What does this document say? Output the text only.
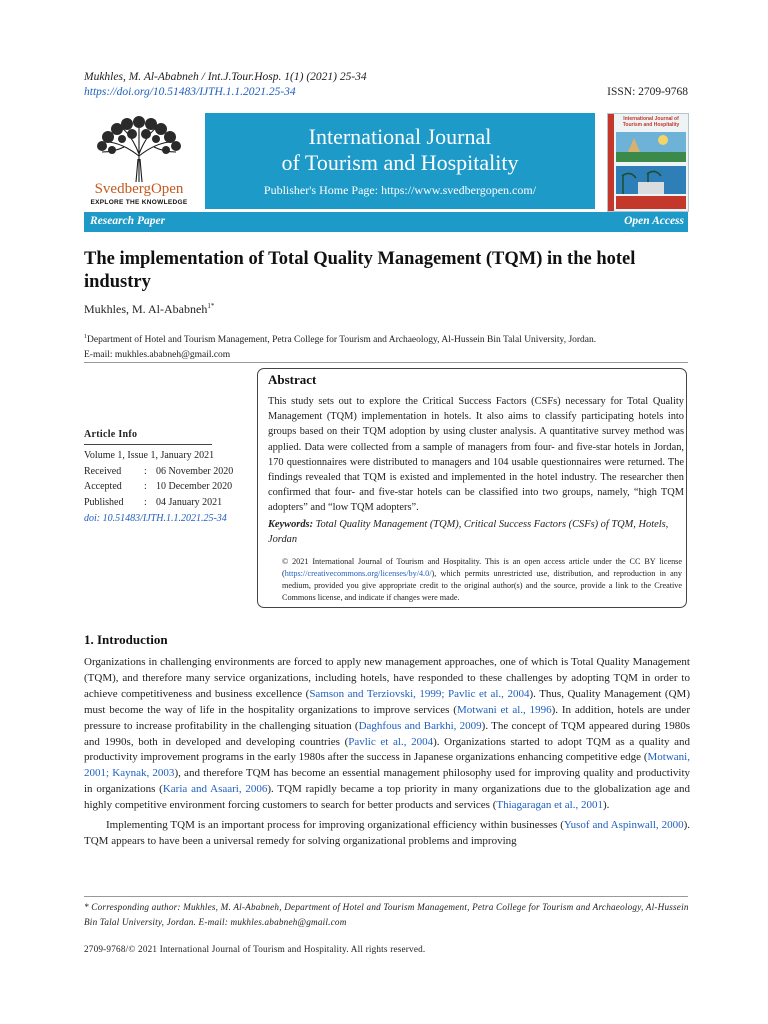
Mukhles, M. Al-Ababneh / Int.J.Tour.Hosp. 1(1) (2021) 25-34
https://doi.org/10.51483/IJTH.1.1.2021.25-34	ISSN: 2709-9768
SvedbergOpen
EXPLORE THE KNOWLEDGE
International Journal
of Tourism and Hospitality
Publisher's Home Page: https://www.svedbergopen.com/
International Journal of Tourism and Hospitality
Research Paper	Open Access
The implementation of Total Quality Management (TQM) in the hotel industry
Mukhles, M. Al-Ababneh$^{1*}$
$^1$Department of Hotel and Tourism Management, Petra College for Tourism and Archaeology, Al-Hussein Bin Talal University, Jordan.
E-mail: mukhles.ababneh@gmail.com
Article Info
Volume 1, Issue 1, January 2021
Received : 06 November 2020
Accepted : 10 December 2020
Published : 04 January 2021
doi: 10.51483/IJTH.1.1.2021.25-34
Abstract
This study sets out to explore the Critical Success Factors (CSFs) necessary for Total Quality Management (TQM) implementation in hotels. It also aims to classify participating hotels into groups based on their TQM adoption by using cluster analysis. A quantitative survey method was applied. Data were collected from a sample of managers from four- and five-star hotels in Jordan, 170 questionnaires were distributed to managers and 104 usable questionnaires were returned. The findings revealed that TQM is existed and implemented in the hotel industry. The researcher then confirmed that four- and five-star hotels can be classified into two groups, namely, “high TQM adopters” and “low TQM adopters”.
Keywords: Total Quality Management (TQM), Critical Success Factors (CSFs) of TQM, Hotels, Jordan
© 2021 International Journal of Tourism and Hospitality. This is an open access article under the CC BY license (https://creativecommons.org/licenses/by/4.0/), which permits unrestricted use, distribution, and reproduction in any medium, provided you give appropriate credit to the original author(s) and the source, provide a link to the Creative Commons license, and indicate if changes were made.
1. Introduction

Organizations in challenging environments are forced to apply new management approaches, one of which is Total Quality Management (TQM), and therefore many service organizations, including hotels, have responded to these challenges by adopting TQM in order to achieve competitiveness and business excellence (Samson and Terziovski, 1999; Pavlic et al., 2004). Thus, Quality Management (QM) must become the way of life in the hospitality organizations to improve services (Motwani et al., 1996). In addition, hotels are under pressure to increase profitability in the challenging situation (Daghfous and Barkhi, 2009). The concept of TQM appeared during 1980s and 1990s, both in developed and developing countries (Pavlic et al., 2004). Organizations started to adopt TQM as a quality and productivity improvement programs in the early 1980s after the success in Japanese organizations enhancing competitive edge (Motwani, 2001; Kaynak, 2003), and therefore TQM has become an essential management philosophy used for improving quality and productivity in organizations (Karia and Asaari, 2006). TQM rapidly became a top priority in many organizations due to the globalization age and highly competitive environment forcing customers to search for better products and services (Thiagaragan et al., 2001).

Implementing TQM is an important process for improving organizational efficiency within businesses (Yusof and Aspinwall, 2000). TQM appears to have been a universal remedy for solving organizational problems and improving

* Corresponding author: Mukhles, M. Al-Ababneh, Department of Hotel and Tourism Management, Petra College for Tourism and Archaeology, Al-Hussein Bin Talal University, Jordan. E-mail: mukhles.ababneh@gmail.com
2709-9768/© 2021 International Journal of Tourism and Hospitality. All rights reserved.
